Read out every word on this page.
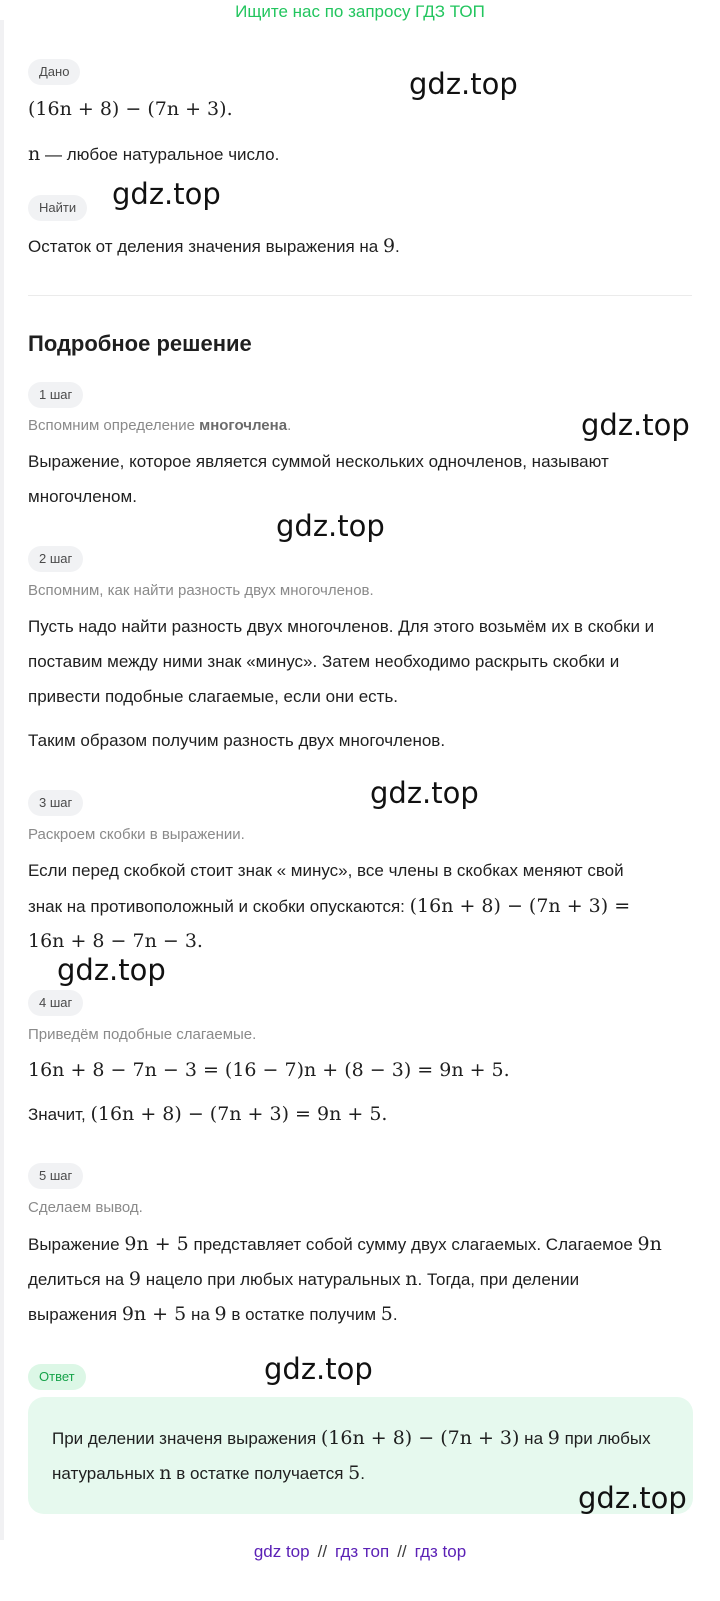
Ищите нас по запросу ГДЗ ТОП
Дано
(16n + 8) − (7n + 3).
n — любое натуральное число.
Найти
Остаток от деления значения выражения на 9.
Подробное решение
1 шаг
Вспомним определение многочлена.
Выражение, которое является суммой нескольких одночленов, называют
многочленом.
2 шаг
Вспомним, как найти разность двух многочленов.
Пусть надо найти разность двух многочленов. Для этого возьмём их в скобки и
поставим между ними знак «минус». Затем необходимо раскрыть скобки и
привести подобные слагаемые, если они есть.
Таким образом получим разность двух многочленов.
3 шаг
Раскроем скобки в выражении.
Если перед скобкой стоит знак « минус», все члены в скобках меняют свой
знак на противоположный и скобки опускаются: (16n + 8) − (7n + 3) =
16n + 8 − 7n − 3.
4 шаг
Приведём подобные слагаемые.
16n + 8 − 7n − 3 = (16 − 7)n + (8 − 3) = 9n + 5.
Значит, (16n + 8) − (7n + 3) = 9n + 5.
5 шаг
Сделаем вывод.
Выражение 9n + 5 представляет собой сумму двух слагаемых. Слагаемое 9n
делиться на 9 нацело при любых натуральных n. Тогда, при делении
выражения 9n + 5 на 9 в остатке получим 5.
Ответ
При делении значеня выражения (16n + 8) − (7n + 3) на 9 при любых
натуральных n в остатке получается 5.
gdz.top
gdz.top
gdz.top
gdz.top
gdz.top
gdz.top
gdz.top
gdz.top
gdz top // гдз топ // гдз top
